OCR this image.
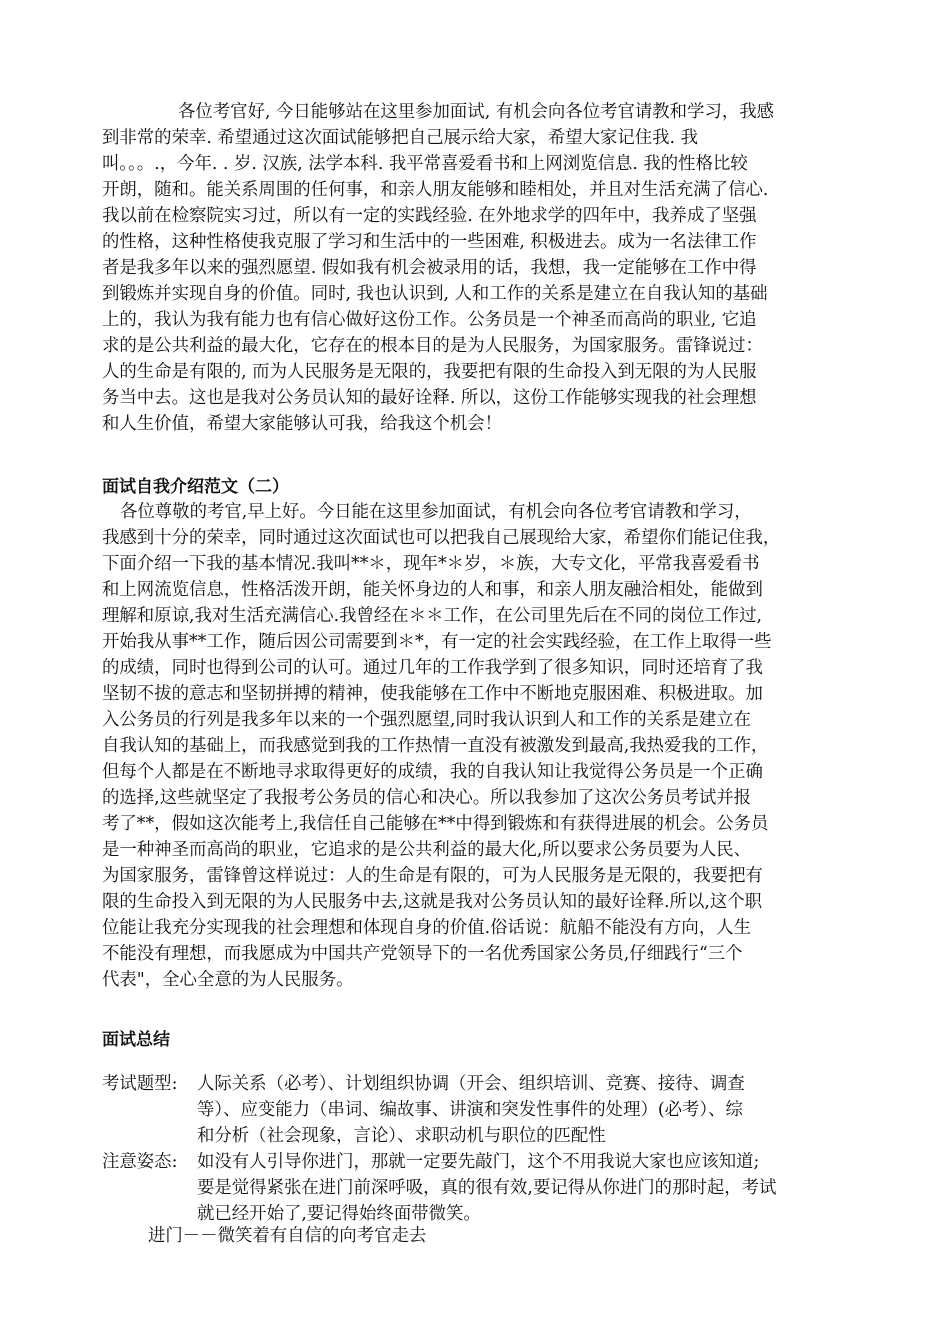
各位考官好, 今日能够站在这里参加面试, 有机会向各位考官请教和学习，我感
到非常的荣幸. 希望通过这次面试能够把自己展示给大家，希望大家记住我. 我
叫。。。.，今年. . 岁. 汉族, 法学本科. 我平常喜爱看书和上网浏览信息. 我的性格比较
开朗，随和。能关系周围的任何事，和亲人朋友能够和睦相处，并且对生活充满了信心.
我以前在检察院实习过，所以有一定的实践经验. 在外地求学的四年中，我养成了坚强
的性格，这种性格使我克服了学习和生活中的一些困难, 积极进去。成为一名法律工作
者是我多年以来的强烈愿望. 假如我有机会被录用的话，我想，我一定能够在工作中得
到锻炼并实现自身的价值。同时, 我也认识到, 人和工作的关系是建立在自我认知的基础
上的，我认为我有能力也有信心做好这份工作。公务员是一个神圣而高尚的职业, 它追
求的是公共利益的最大化，它存在的根本目的是为人民服务，为国家服务。雷锋说过：
人的生命是有限的, 而为人民服务是无限的，我要把有限的生命投入到无限的为人民服
务当中去。这也是我对公务员认知的最好诠释. 所以，这份工作能够实现我的社会理想
和人生价值，希望大家能够认可我，给我这个机会！
面试自我介绍范文（二）
各位尊敬的考官,早上好。今日能在这里参加面试，有机会向各位考官请教和学习，
我感到十分的荣幸，同时通过这次面试也可以把我自己展现给大家，希望你们能记住我，
下面介绍一下我的基本情况.我叫**＊，现年*＊岁，＊族，大专文化，平常我喜爱看书
和上网流览信息，性格活泼开朗，能关怀身边的人和事，和亲人朋友融洽相处，能做到
理解和原谅,我对生活充满信心.我曾经在＊＊工作，在公司里先后在不同的岗位工作过,
开始我从事**工作，随后因公司需要到＊*，有一定的社会实践经验，在工作上取得一些
的成绩，同时也得到公司的认可。通过几年的工作我学到了很多知识，同时还培育了我
坚韧不拔的意志和坚韧拼搏的精神，使我能够在工作中不断地克服困难、积极进取。加
入公务员的行列是我多年以来的一个强烈愿望,同时我认识到人和工作的关系是建立在
自我认知的基础上，而我感觉到我的工作热情一直没有被激发到最高,我热爱我的工作，
但每个人都是在不断地寻求取得更好的成绩，我的自我认知让我觉得公务员是一个正确
的选择,这些就坚定了我报考公务员的信心和决心。所以我参加了这次公务员考试并报
考了**，假如这次能考上,我信任自己能够在**中得到锻炼和有获得进展的机会。公务员
是一种神圣而高尚的职业，它追求的是公共利益的最大化,所以要求公务员要为人民、
为国家服务，雷锋曾这样说过：人的生命是有限的，可为人民服务是无限的，我要把有
限的生命投入到无限的为人民服务中去,这就是我对公务员认知的最好诠释.所以,这个职
位能让我充分实现我的社会理想和体现自身的价值.俗话说：航船不能没有方向，人生
不能没有理想，而我愿成为中国共产党领导下的一名优秀国家公务员,仔细践行“三个
代表"，全心全意的为人民服务。
面试总结
考试题型: 人际关系（必考）、计划组织协调（开会、组织培训、竞赛、接待、调查
等）、应变能力（串词、编故事、讲演和突发性事件的处理）(必考）、综
和分析（社会现象，言论）、求职动机与职位的匹配性
注意姿态: 如没有人引导你进门，那就一定要先敲门，这个不用我说大家也应该知道;
要是觉得紧张在进门前深呼吸，真的很有效,要记得从你进门的那时起，考试
就已经开始了,要记得始终面带微笑。
进门－－微笑着有自信的向考官走去
